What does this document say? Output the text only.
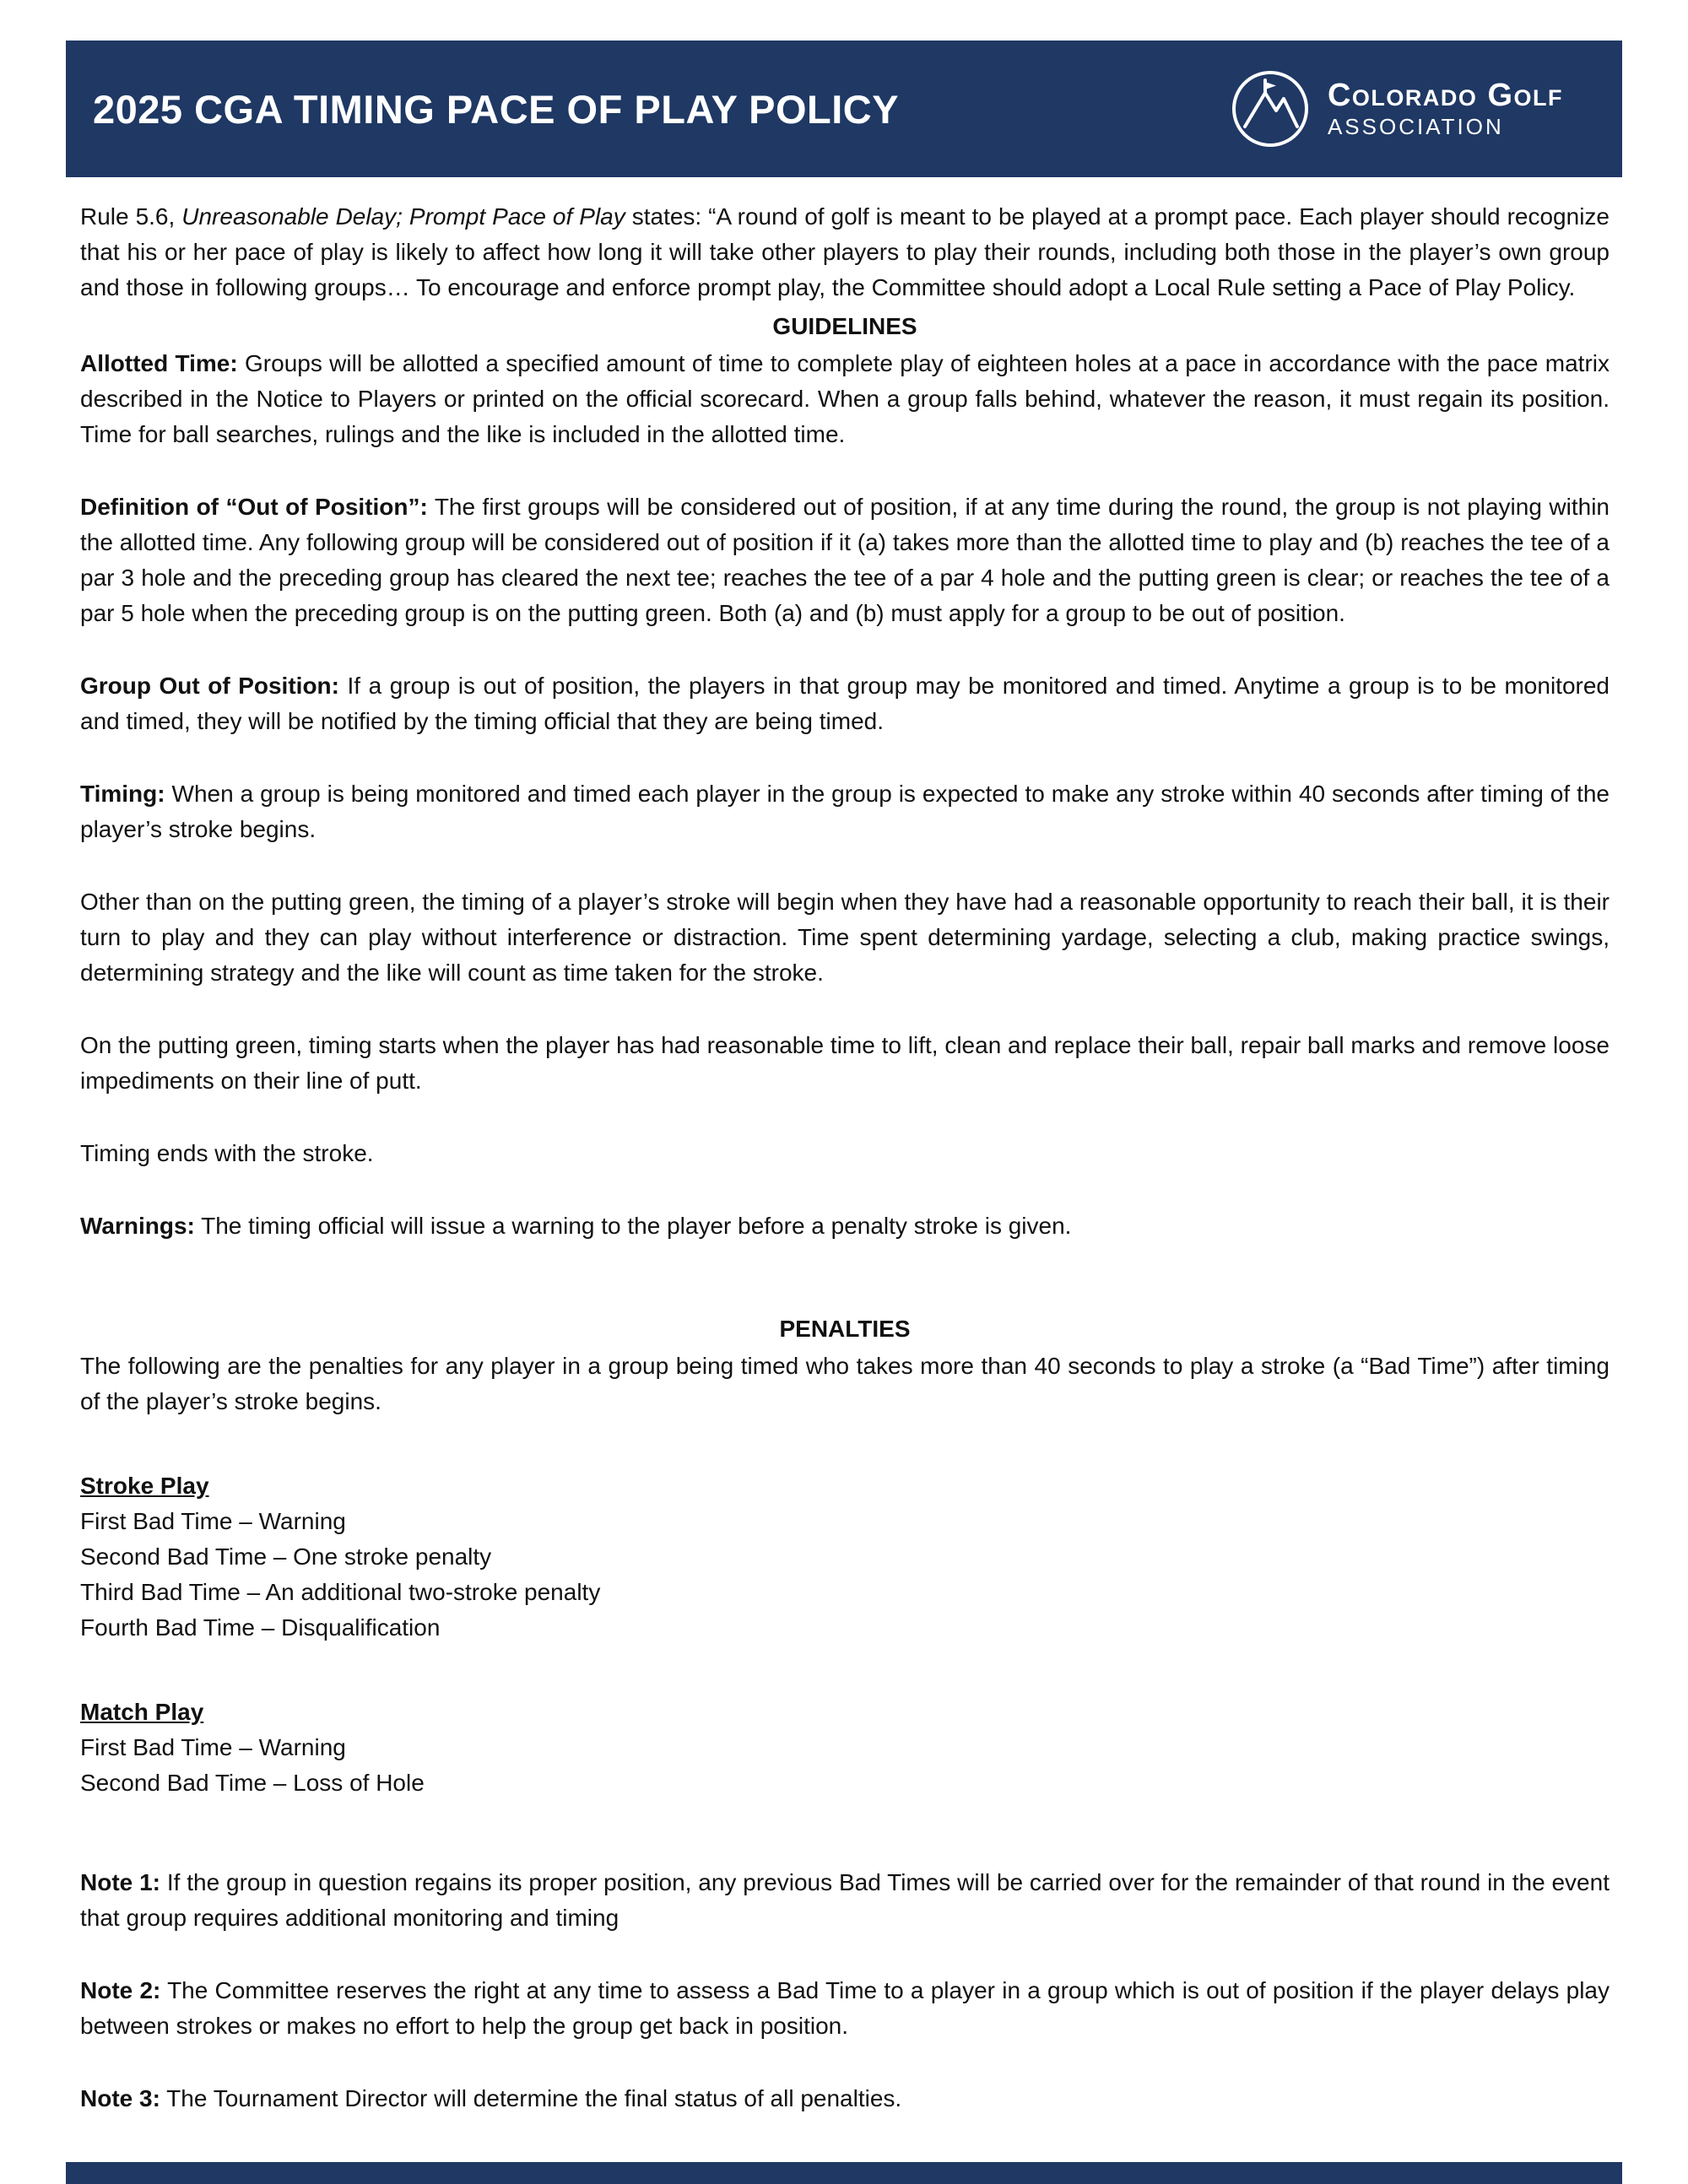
2025 CGA TIMING PACE OF PLAY POLICY	Colorado Golf
ASSOCIATION

Rule 5.6, Unreasonable Delay; Prompt Pace of Play states: “A round of golf is meant to be played at a prompt pace. Each player should recognize that his or her pace of play is likely to affect how long it will take other players to play their rounds, including both those in the player’s own group and those in following groups… To encourage and enforce prompt play, the Committee should adopt a Local Rule setting a Pace of Play Policy.

GUIDELINES

Allotted Time: Groups will be allotted a specified amount of time to complete play of eighteen holes at a pace in accordance with the pace matrix described in the Notice to Players or printed on the official scorecard. When a group falls behind, whatever the reason, it must regain its position. Time for ball searches, rulings and the like is included in the allotted time.

Definition of “Out of Position”: The first groups will be considered out of position, if at any time during the round, the group is not playing within the allotted time. Any following group will be considered out of position if it (a) takes more than the allotted time to play and (b) reaches the tee of a par 3 hole and the preceding group has cleared the next tee; reaches the tee of a par 4 hole and the putting green is clear; or reaches the tee of a par 5 hole when the preceding group is on the putting green. Both (a) and (b) must apply for a group to be out of position.

Group Out of Position: If a group is out of position, the players in that group may be monitored and timed. Anytime a group is to be monitored and timed, they will be notified by the timing official that they are being timed.

Timing: When a group is being monitored and timed each player in the group is expected to make any stroke within 40 seconds after timing of the player’s stroke begins.

Other than on the putting green, the timing of a player’s stroke will begin when they have had a reasonable opportunity to reach their ball, it is their turn to play and they can play without interference or distraction. Time spent determining yardage, selecting a club, making practice swings, determining strategy and the like will count as time taken for the stroke.

On the putting green, timing starts when the player has had reasonable time to lift, clean and replace their ball, repair ball marks and remove loose impediments on their line of putt.

Timing ends with the stroke.

Warnings: The timing official will issue a warning to the player before a penalty stroke is given.

PENALTIES

The following are the penalties for any player in a group being timed who takes more than 40 seconds to play a stroke (a “Bad Time”) after timing of the player’s stroke begins.

Stroke Play

First Bad Time – Warning

Second Bad Time – One stroke penalty

Third Bad Time – An additional two-stroke penalty

Fourth Bad Time – Disqualification

Match Play

First Bad Time – Warning

Second Bad Time – Loss of Hole

Note 1: If the group in question regains its proper position, any previous Bad Times will be carried over for the remainder of that round in the event that group requires additional monitoring and timing

Note 2: The Committee reserves the right at any time to assess a Bad Time to a player in a group which is out of position if the player delays play between strokes or makes no effort to help the group get back in position.

Note 3: The Tournament Director will determine the final status of all penalties.
